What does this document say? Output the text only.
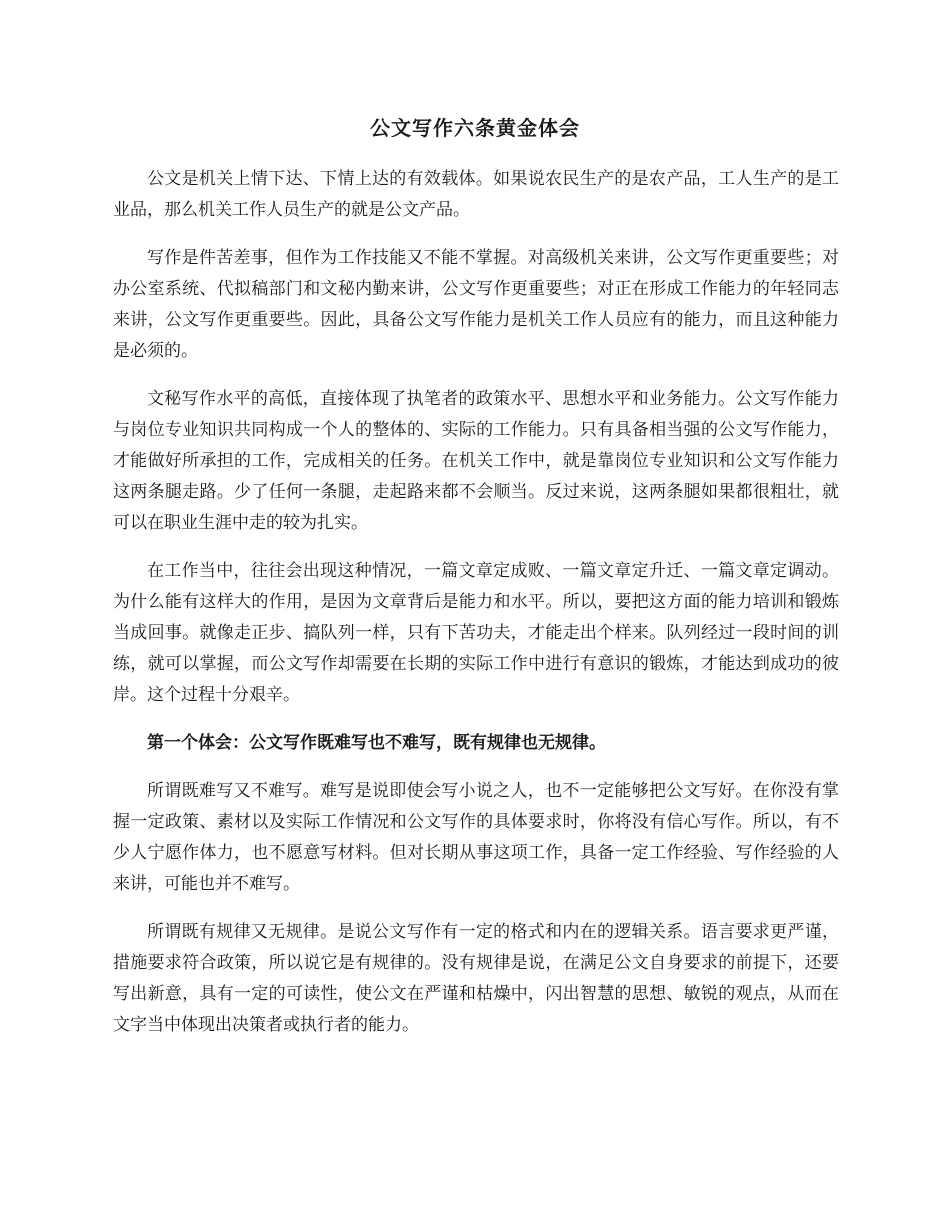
公文写作六条黄金体会

公文是机关上情下达、下情上达的有效载体。如果说农民生产的是农产品，工人生产的是工业品，那么机关工作人员生产的就是公文产品。

写作是件苦差事，但作为工作技能又不能不掌握。对高级机关来讲，公文写作更重要些；对办公室系统、代拟稿部门和文秘内勤来讲，公文写作更重要些；对正在形成工作能力的年轻同志来讲，公文写作更重要些。因此，具备公文写作能力是机关工作人员应有的能力，而且这种能力是必须的。

文秘写作水平的高低，直接体现了执笔者的政策水平、思想水平和业务能力。公文写作能力与岗位专业知识共同构成一个人的整体的、实际的工作能力。只有具备相当强的公文写作能力，才能做好所承担的工作，完成相关的任务。在机关工作中，就是靠岗位专业知识和公文写作能力这两条腿走路。少了任何一条腿，走起路来都不会顺当。反过来说，这两条腿如果都很粗壮，就可以在职业生涯中走的较为扎实。

在工作当中，往往会出现这种情况，一篇文章定成败、一篇文章定升迁、一篇文章定调动。为什么能有这样大的作用，是因为文章背后是能力和水平。所以，要把这方面的能力培训和锻炼当成回事。就像走正步、搞队列一样，只有下苦功夫，才能走出个样来。队列经过一段时间的训练，就可以掌握，而公文写作却需要在长期的实际工作中进行有意识的锻炼，才能达到成功的彼岸。这个过程十分艰辛。

第一个体会：公文写作既难写也不难写，既有规律也无规律。

所谓既难写又不难写。难写是说即使会写小说之人，也不一定能够把公文写好。在你没有掌握一定政策、素材以及实际工作情况和公文写作的具体要求时，你将没有信心写作。所以，有不少人宁愿作体力，也不愿意写材料。但对长期从事这项工作，具备一定工作经验、写作经验的人来讲，可能也并不难写。

所谓既有规律又无规律。是说公文写作有一定的格式和内在的逻辑关系。语言要求更严谨，措施要求符合政策，所以说它是有规律的。没有规律是说，在满足公文自身要求的前提下，还要写出新意，具有一定的可读性，使公文在严谨和枯燥中，闪出智慧的思想、敏锐的观点，从而在文字当中体现出决策者或执行者的能力。
